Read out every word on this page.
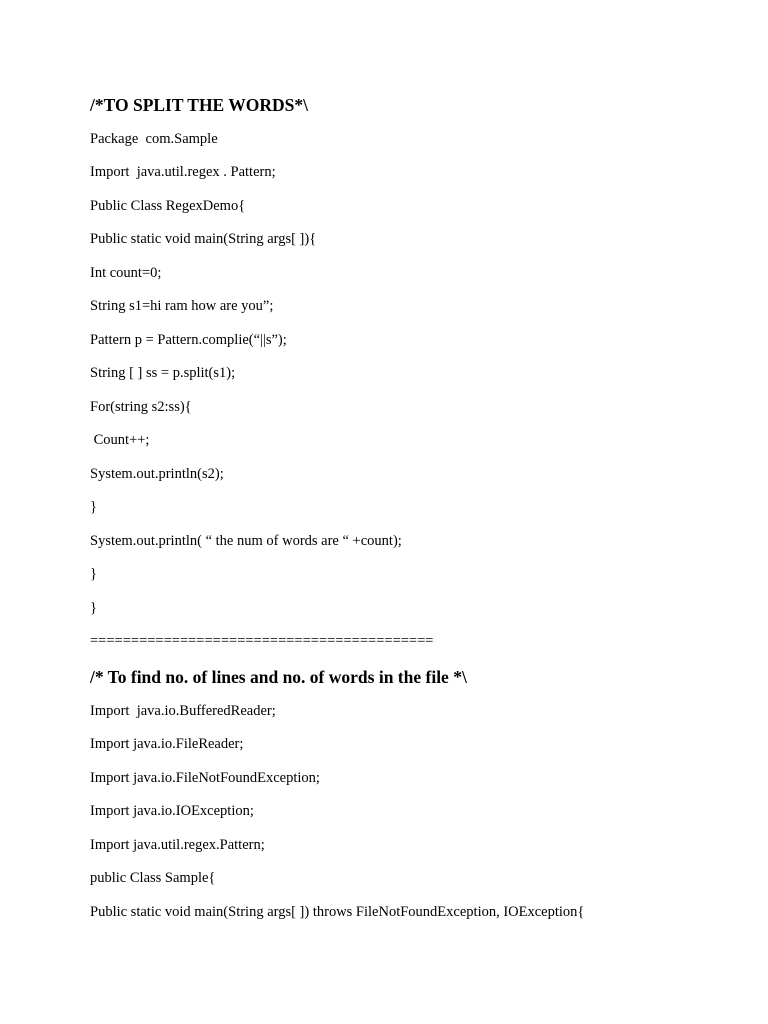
/*TO SPLIT THE WORDS*\
Package  com.Sample
Import  java.util.regex . Pattern;
Public Class RegexDemo{
Public static void main(String args[ ]){
Int count=0;
String s1=hi ram how are you”;
Pattern p = Pattern.complie(“||s”);
String [ ] ss = p.split(s1);
For(string s2:ss){
Count++;
System.out.println(s2);
}
System.out.println( “ the num of words are “ +count);
}
}
==========================================
/* To find no. of lines and no. of words in the file *\
Import  java.io.BufferedReader;
Import java.io.FileReader;
Import java.io.FileNotFoundException;
Import java.io.IOException;
Import java.util.regex.Pattern;
public Class Sample{
Public static void main(String args[ ]) throws FileNotFoundException, IOException{
